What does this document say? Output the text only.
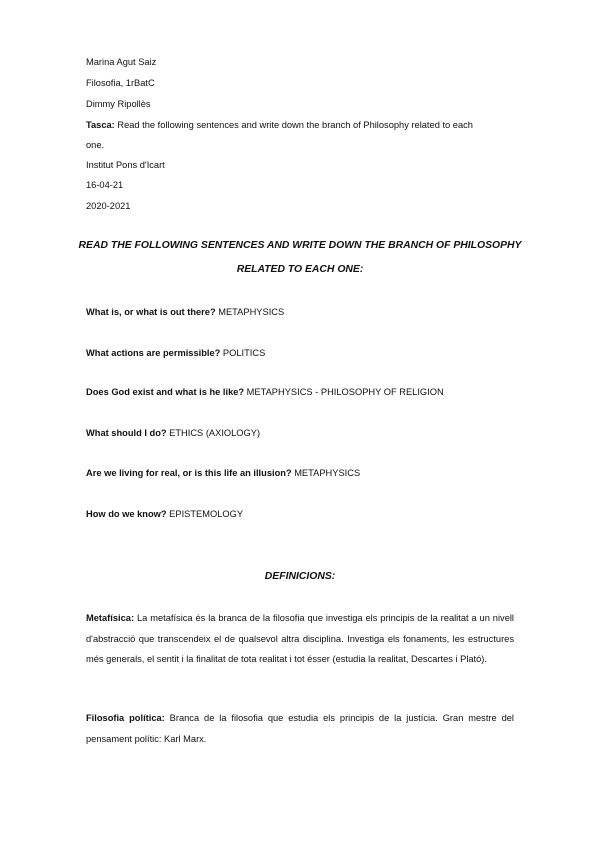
Marina Agut Saiz
Filosofia, 1rBatC
Dimmy Ripollès
Tasca: Read the following sentences and write down the branch of Philosophy related to each
one.
Institut Pons d'Icart
16-04-21
2020-2021
READ THE FOLLOWING SENTENCES AND WRITE DOWN THE BRANCH OF PHILOSOPHY
RELATED TO EACH ONE:
What is, or what is out there? METAPHYSICS
What actions are permissible? POLITICS
Does God exist and what is he like? METAPHYSICS - PHILOSOPHY OF RELIGION
What should I do? ETHICS (AXIOLOGY)
Are we living for real, or is this life an illusion? METAPHYSICS
How do we know? EPISTEMOLOGY
DEFINICIONS:
Metafísica: La metafísica és la branca de la filosofia que investiga els principis de la realitat a un nivell d'abstracció que transcendeix el de qualsevol altra disciplina. Investiga els fonaments, les estructures més generals, el sentit i la finalitat de tota realitat i tot ésser (estudia la realitat, Descartes i Plató).
Filosofia política: Branca de la filosofia que estudia els principis de la justícia. Gran mestre del pensament polític: Karl Marx.
